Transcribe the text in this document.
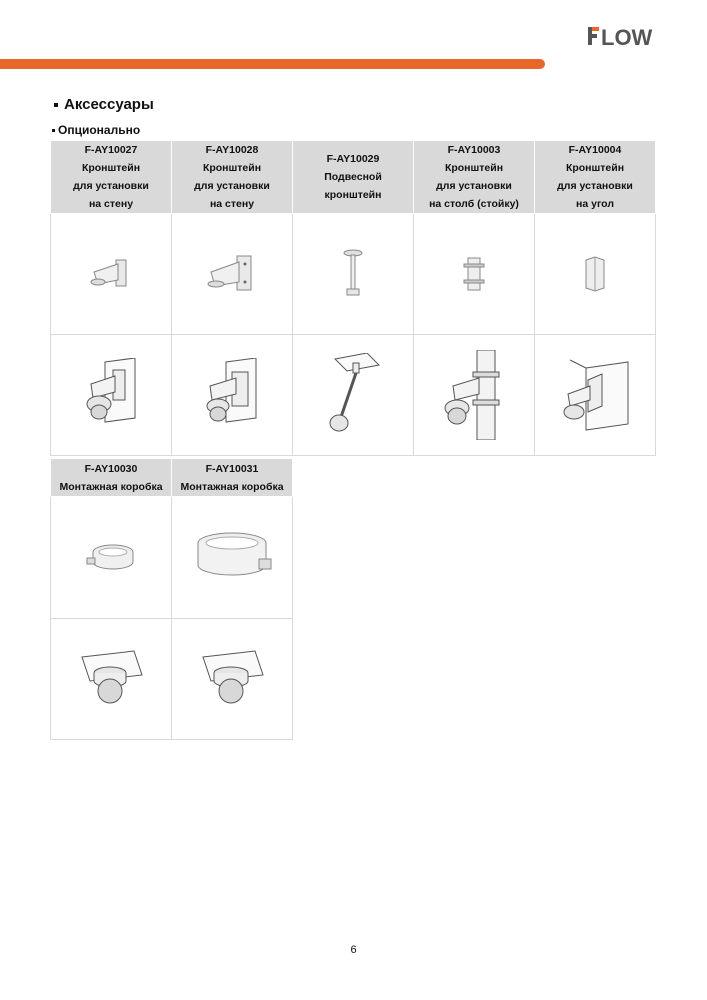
LOW
Аксессуары
Опционально
F-AY10027
Кронштейн
для установки
на стену	F-AY10028
Кронштейн
для установки
на стену	F-AY10029
Подвесной
кронштейн	F-AY10003
Кронштейн
для установки
на столб (стойку)	F-AY10004
Кронштейн
для установки
на угол

F-AY10030
Монтажная коробка	F-AY10031
Монтажная коробка

6
